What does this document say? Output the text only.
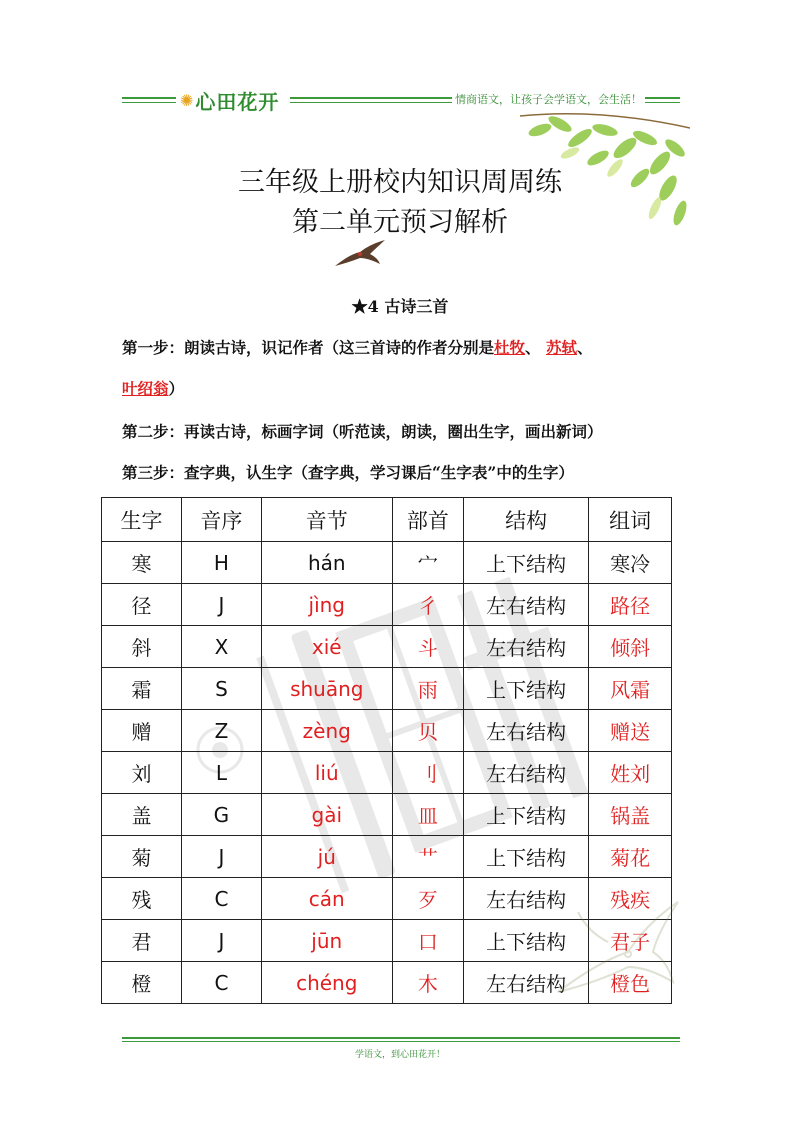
✺ 心田花开	情商语文，让孩子会学语文，会生活！
三年级上册校内知识周周练
第二单元预习解析
★4 古诗三首
第一步：朗读古诗，识记作者（这三首诗的作者分别是杜牧、 苏轼、
叶绍翁）
第二步：再读古诗，标画字词（听范读，朗读，圈出生字，画出新词）
第三步：查字典，认生字（查字典，学习课后“生字表”中的生字）
生字	音序	音节	部首	结构	组词
寒	H	hán	宀	上下结构	寒冷
径	J	jìng	彳	左右结构	路径
斜	X	xié	斗	左右结构	倾斜
霜	S	shuāng	雨	上下结构	风霜
赠	Z	zèng	贝	左右结构	赠送
刘	L	liú	刂	左右结构	姓刘
盖	G	gài	皿	上下结构	锅盖
菊	J	jú	艹	上下结构	菊花
残	C	cán	歹	左右结构	残疾
君	J	jūn	口	上下结构	君子
橙	C	chéng	木	左右结构	橙色
学语文，到心田花开！
